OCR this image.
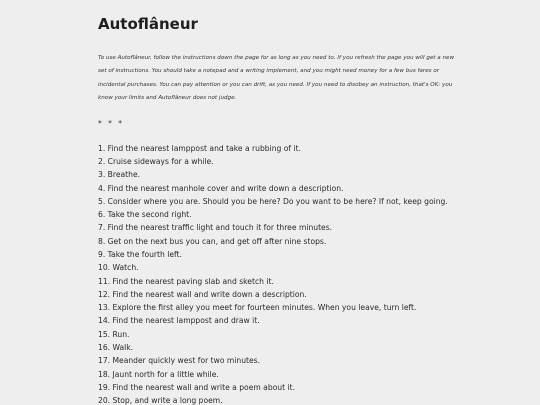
Autoflâneur

To use Autoflâneur, follow the instructions down the page for as long as you need to. If you refresh the page you will get a new set of instructions. You should take a notepad and a writing implement, and you might need money for a few bus fares or incidental purchases. You can pay attention or you can drift, as you need. If you need to disobey an instruction, that's OK: you know your limits and Autoflâneur does not judge.

* * *
1. Find the nearest lamppost and take a rubbing of it.
2. Cruise sideways for a while.
3. Breathe.
4. Find the nearest manhole cover and write down a description.
5. Consider where you are. Should you be here? Do you want to be here? If not, keep going.
6. Take the second right.
7. Find the nearest traffic light and touch it for three minutes.
8. Get on the next bus you can, and get off after nine stops.
9. Take the fourth left.
10. Watch.
11. Find the nearest paving slab and sketch it.
12. Find the nearest wall and write down a description.
13. Explore the first alley you meet for fourteen minutes. When you leave, turn left.
14. Find the nearest lamppost and draw it.
15. Run.
16. Walk.
17. Meander quickly west for two minutes.
18. Jaunt north for a little while.
19. Find the nearest wall and write a poem about it.
20. Stop, and write a long poem.
